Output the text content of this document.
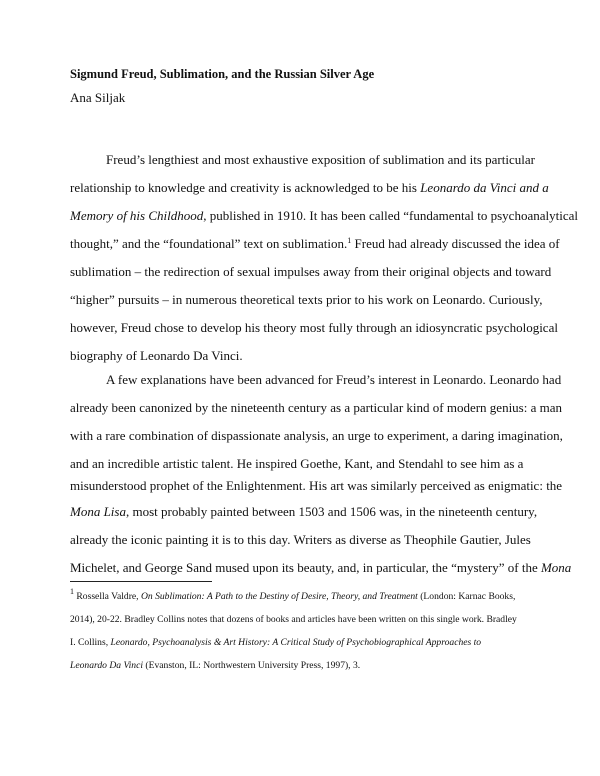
Sigmund Freud, Sublimation, and the Russian Silver Age
Ana Siljak
Freud’s lengthiest and most exhaustive exposition of sublimation and its particular
relationship to knowledge and creativity is acknowledged to be his Leonardo da Vinci and a
Memory of his Childhood, published in 1910. It has been called “fundamental to psychoanalytical
thought,” and the “foundational” text on sublimation.$^1$ Freud had already discussed the idea of
sublimation – the redirection of sexual impulses away from their original objects and toward
“higher” pursuits – in numerous theoretical texts prior to his work on Leonardo. Curiously,
however, Freud chose to develop his theory most fully through an idiosyncratic psychological
biography of Leonardo Da Vinci.
A few explanations have been advanced for Freud’s interest in Leonardo. Leonardo had
already been canonized by the nineteenth century as a particular kind of modern genius: a man
with a rare combination of dispassionate analysis, an urge to experiment, a daring imagination,
and an incredible artistic talent. He inspired Goethe, Kant, and Stendahl to see him as a
misunderstood prophet of the Enlightenment. His art was similarly perceived as enigmatic: the
$^1$ Rossella Valdre, On Sublimation: A Path to the Destiny of Desire, Theory, and Treatment (London: Karnac Books,
2014), 20-22. Bradley Collins notes that dozens of books and articles have been written on this single work. Bradley
I. Collins, Leonardo, Psychoanalysis & Art History: A Critical Study of Psychobiographical Approaches to
Leonardo Da Vinci (Evanston, IL: Northwestern University Press, 1997), 3.
Mona Lisa, most probably painted between 1503 and 1506 was, in the nineteenth century,
already the iconic painting it is to this day. Writers as diverse as Theophile Gautier, Jules
Michelet, and George Sand mused upon its beauty, and, in particular, the “mystery” of the Mona
